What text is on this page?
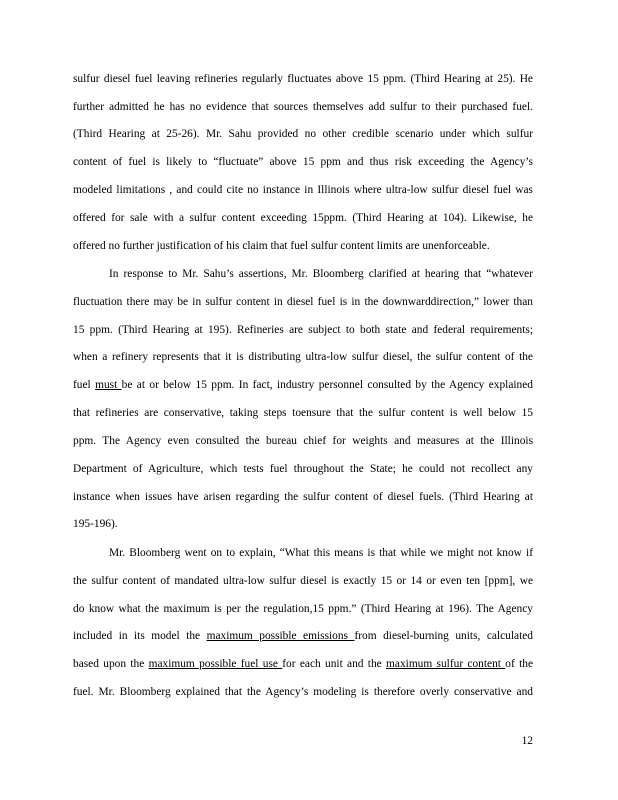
sulfur diesel fuel leaving refineries regularly fluctuates above 15 ppm. (Third Hearing at 25). He
further admitted he has no evidence that sources themselves add sulfur to their purchased fuel.
(Third Hearing at 25-26). Mr. Sahu provided no other credible scenario under which sulfur
content of fuel is likely to “fluctuate” above 15 ppm and thus risk exceeding the Agency’s
modeled limitations , and could cite no instance in Illinois where ultra-low sulfur diesel fuel was
offered for sale with a sulfur content exceeding 15ppm. (Third Hearing at 104). Likewise, he
offered no further justification of his claim that fuel sulfur content limits are unenforceable.
In response to Mr. Sahu’s assertions, Mr. Bloomberg clarified at hearing that “whatever
fluctuation there may be in sulfur content in diesel fuel is in the downwarddirection,” lower than
15 ppm. (Third Hearing at 195). Refineries are subject to both state and federal requirements;
when a refinery represents that it is distributing ultra-low sulfur diesel, the sulfur content of the
fuel must be at or below 15 ppm. In fact, industry personnel consulted by the Agency explained
that refineries are conservative, taking steps toensure that the sulfur content is well below 15
ppm. The Agency even consulted the bureau chief for weights and measures at the Illinois
Department of Agriculture, which tests fuel throughout the State; he could not recollect any
instance when issues have arisen regarding the sulfur content of diesel fuels. (Third Hearing at
195-196).
Mr. Bloomberg went on to explain, “What this means is that while we might not know if
the sulfur content of mandated ultra-low sulfur diesel is exactly 15 or 14 or even ten [ppm], we
do know what the maximum is per the regulation,15 ppm.” (Third Hearing at 196). The Agency
included in its model the maximum possible emissions from diesel-burning units, calculated
based upon the maximum possible fuel use for each unit and the maximum sulfur content of the
fuel. Mr. Bloomberg explained that the Agency’s modeling is therefore overly conservative and
12
